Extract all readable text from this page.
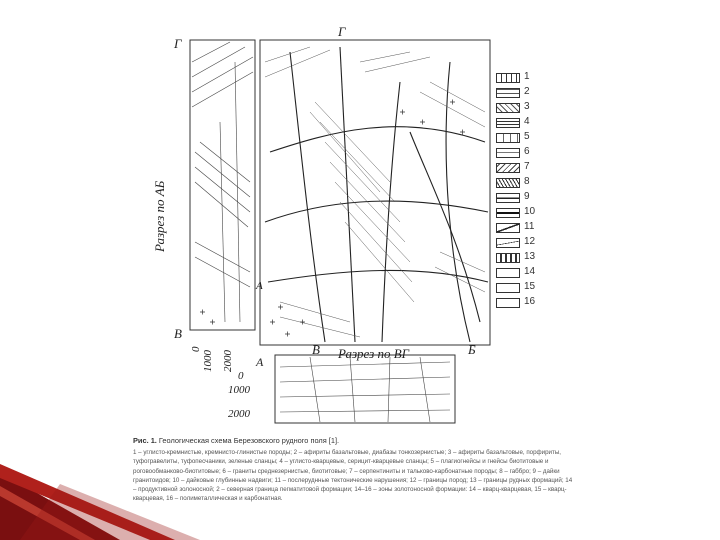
Г
Г
А
В
В	Б
А
Разрез по ВГ
Разрез по АБ
0
1000 2000
0
1000
2000
1
2
3
4
5
6
7
8
9
10
11
12
13
14
15
16
Рис. 1. Геологическая схема Березовского рудного поля [1].
1 – углисто-кремнистые, кремнисто-глинистые породы; 2 – афириты базальтовые, диабазы тонкозернистые; 3 – афириты базальтовые, порфириты, туфогравелиты, туфопесчаники, зеленые сланцы; 4 – углисто-кварцевые, серицит-кварцевые сланцы; 5 – плагиогнейсы и гнейсы биотитовые и роговообманково-биотитовые; 6 – граниты среднезернистые, биотитовые; 7 – серпентиниты и тальково-карбонатные породы; 8 – габбро; 9 – дайки гранитоидов; 10 – дайковые глубинные надвиги; 11 – послеруднные тектонические нарушения; 12 – границы пород; 13 – границы рудных формаций; 14 – продуктивной золоносной; 2 – северная граница пегматитовой формации; 14–16 – зоны золотоносной формации: 14 – кварц-кварцевая, 15 – кварц-кварцевая, 16 – полиметаллическая и карбонатная.
